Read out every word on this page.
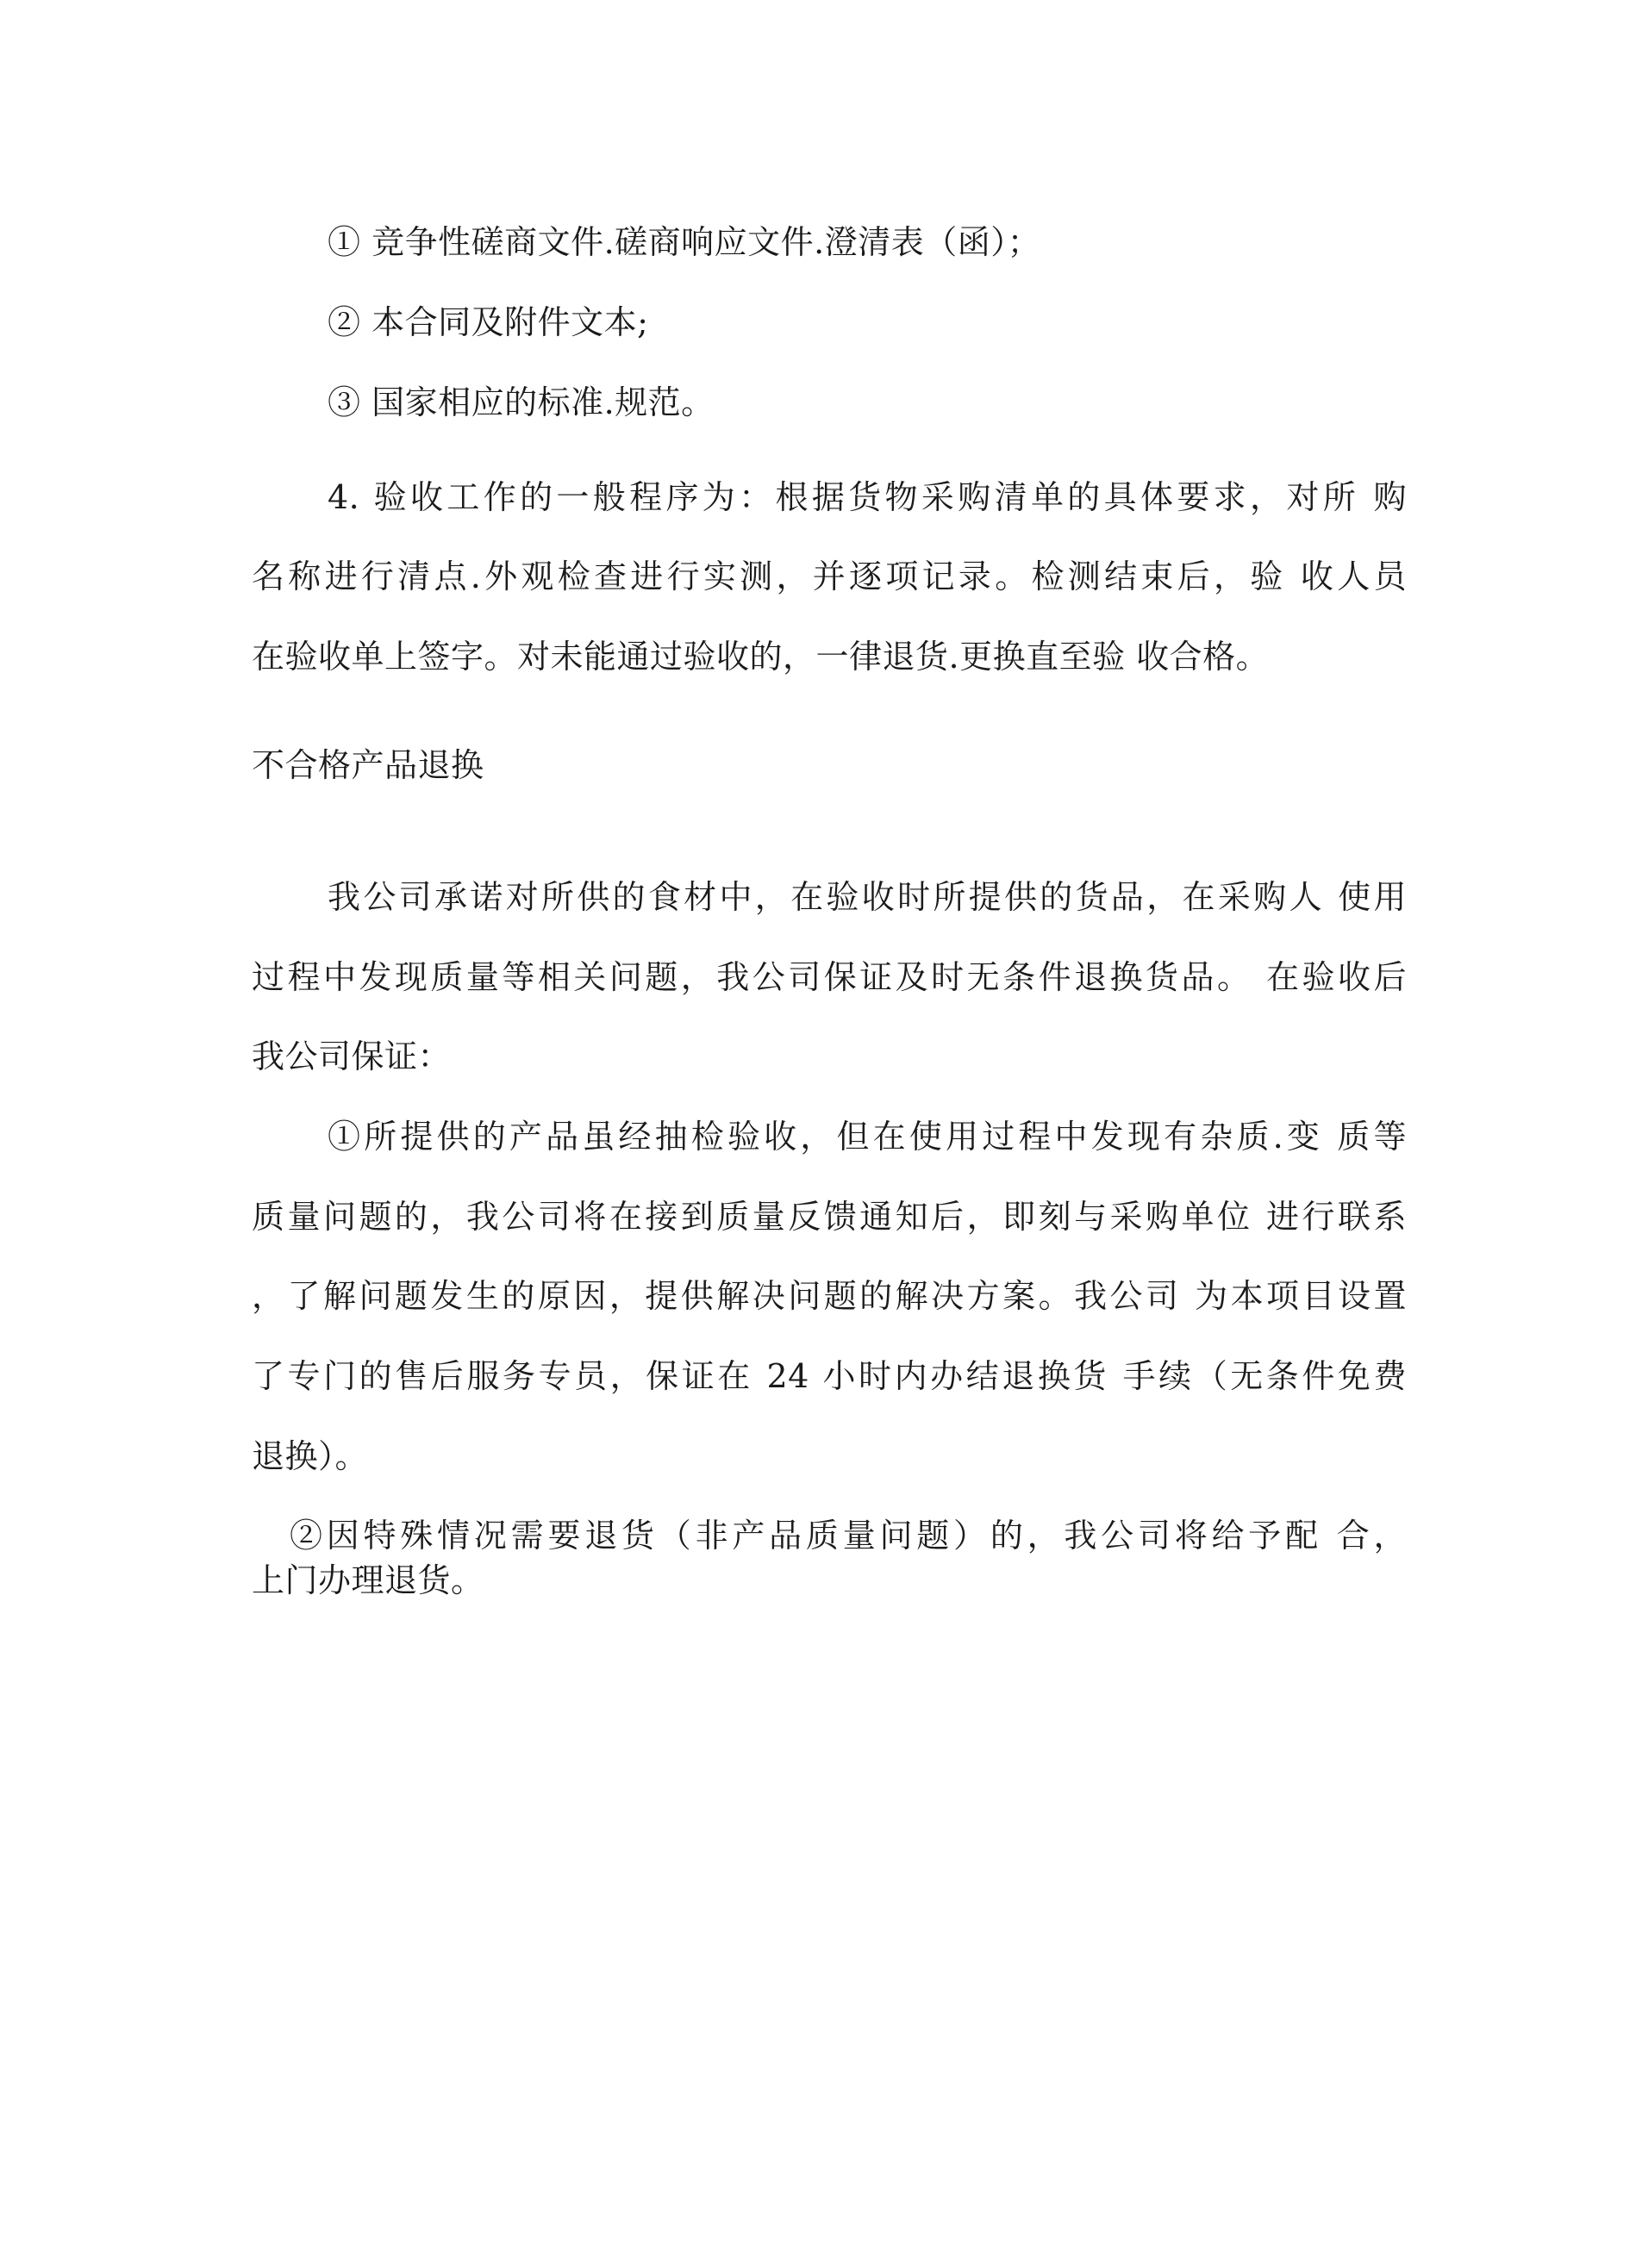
① 竞争性磋商文件.磋商响应文件.澄清表（函）；
② 本合同及附件文本;
③ 国家相应的标准.规范。
4. 验收工作的一般程序为：根据货物采购清单的具体要求，对所 购
名称进行清点.外观检查进行实测，并逐项记录。检测结束后，验 收人员
在验收单上签字。对未能通过验收的，一律退货.更换直至验 收合格。
不合格产品退换
我公司承诺对所供的食材中，在验收时所提供的货品，在采购人 使用
过程中发现质量等相关问题，我公司保证及时无条件退换货品。 在验收后
我公司保证：
①所提供的产品虽经抽检验收，但在使用过程中发现有杂质.变 质等
质量问题的，我公司将在接到质量反馈通知后，即刻与采购单位 进行联系
，了解问题发生的原因，提供解决问题的解决方案。我公司 为本项目设置
了专门的售后服务专员，保证在 24 小时内办结退换货 手续（无条件免费
退换）。
②因特殊情况需要退货（非产品质量问题）的，我公司将给予配 合，
上门办理退货。
